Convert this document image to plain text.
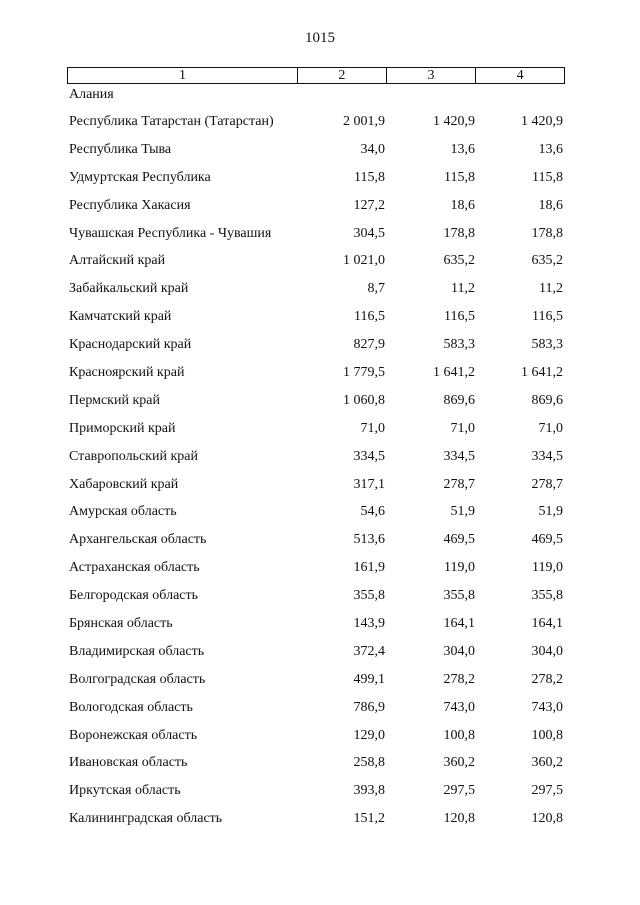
1015
1	2	3	4
Алания
Республика Татарстан (Татарстан)	2 001,9	1 420,9	1 420,9
Республика Тыва	34,0	13,6	13,6
Удмуртская Республика	115,8	115,8	115,8
Республика Хакасия	127,2	18,6	18,6
Чувашская Республика - Чувашия	304,5	178,8	178,8
Алтайский край	1 021,0	635,2	635,2
Забайкальский край	8,7	11,2	11,2
Камчатский край	116,5	116,5	116,5
Краснодарский край	827,9	583,3	583,3
Красноярский край	1 779,5	1 641,2	1 641,2
Пермский край	1 060,8	869,6	869,6
Приморский край	71,0	71,0	71,0
Ставропольский край	334,5	334,5	334,5
Хабаровский край	317,1	278,7	278,7
Амурская область	54,6	51,9	51,9
Архангельская область	513,6	469,5	469,5
Астраханская область	161,9	119,0	119,0
Белгородская область	355,8	355,8	355,8
Брянская область	143,9	164,1	164,1
Владимирская область	372,4	304,0	304,0
Волгоградская область	499,1	278,2	278,2
Вологодская область	786,9	743,0	743,0
Воронежская область	129,0	100,8	100,8
Ивановская область	258,8	360,2	360,2
Иркутская область	393,8	297,5	297,5
Калининградская область	151,2	120,8	120,8
